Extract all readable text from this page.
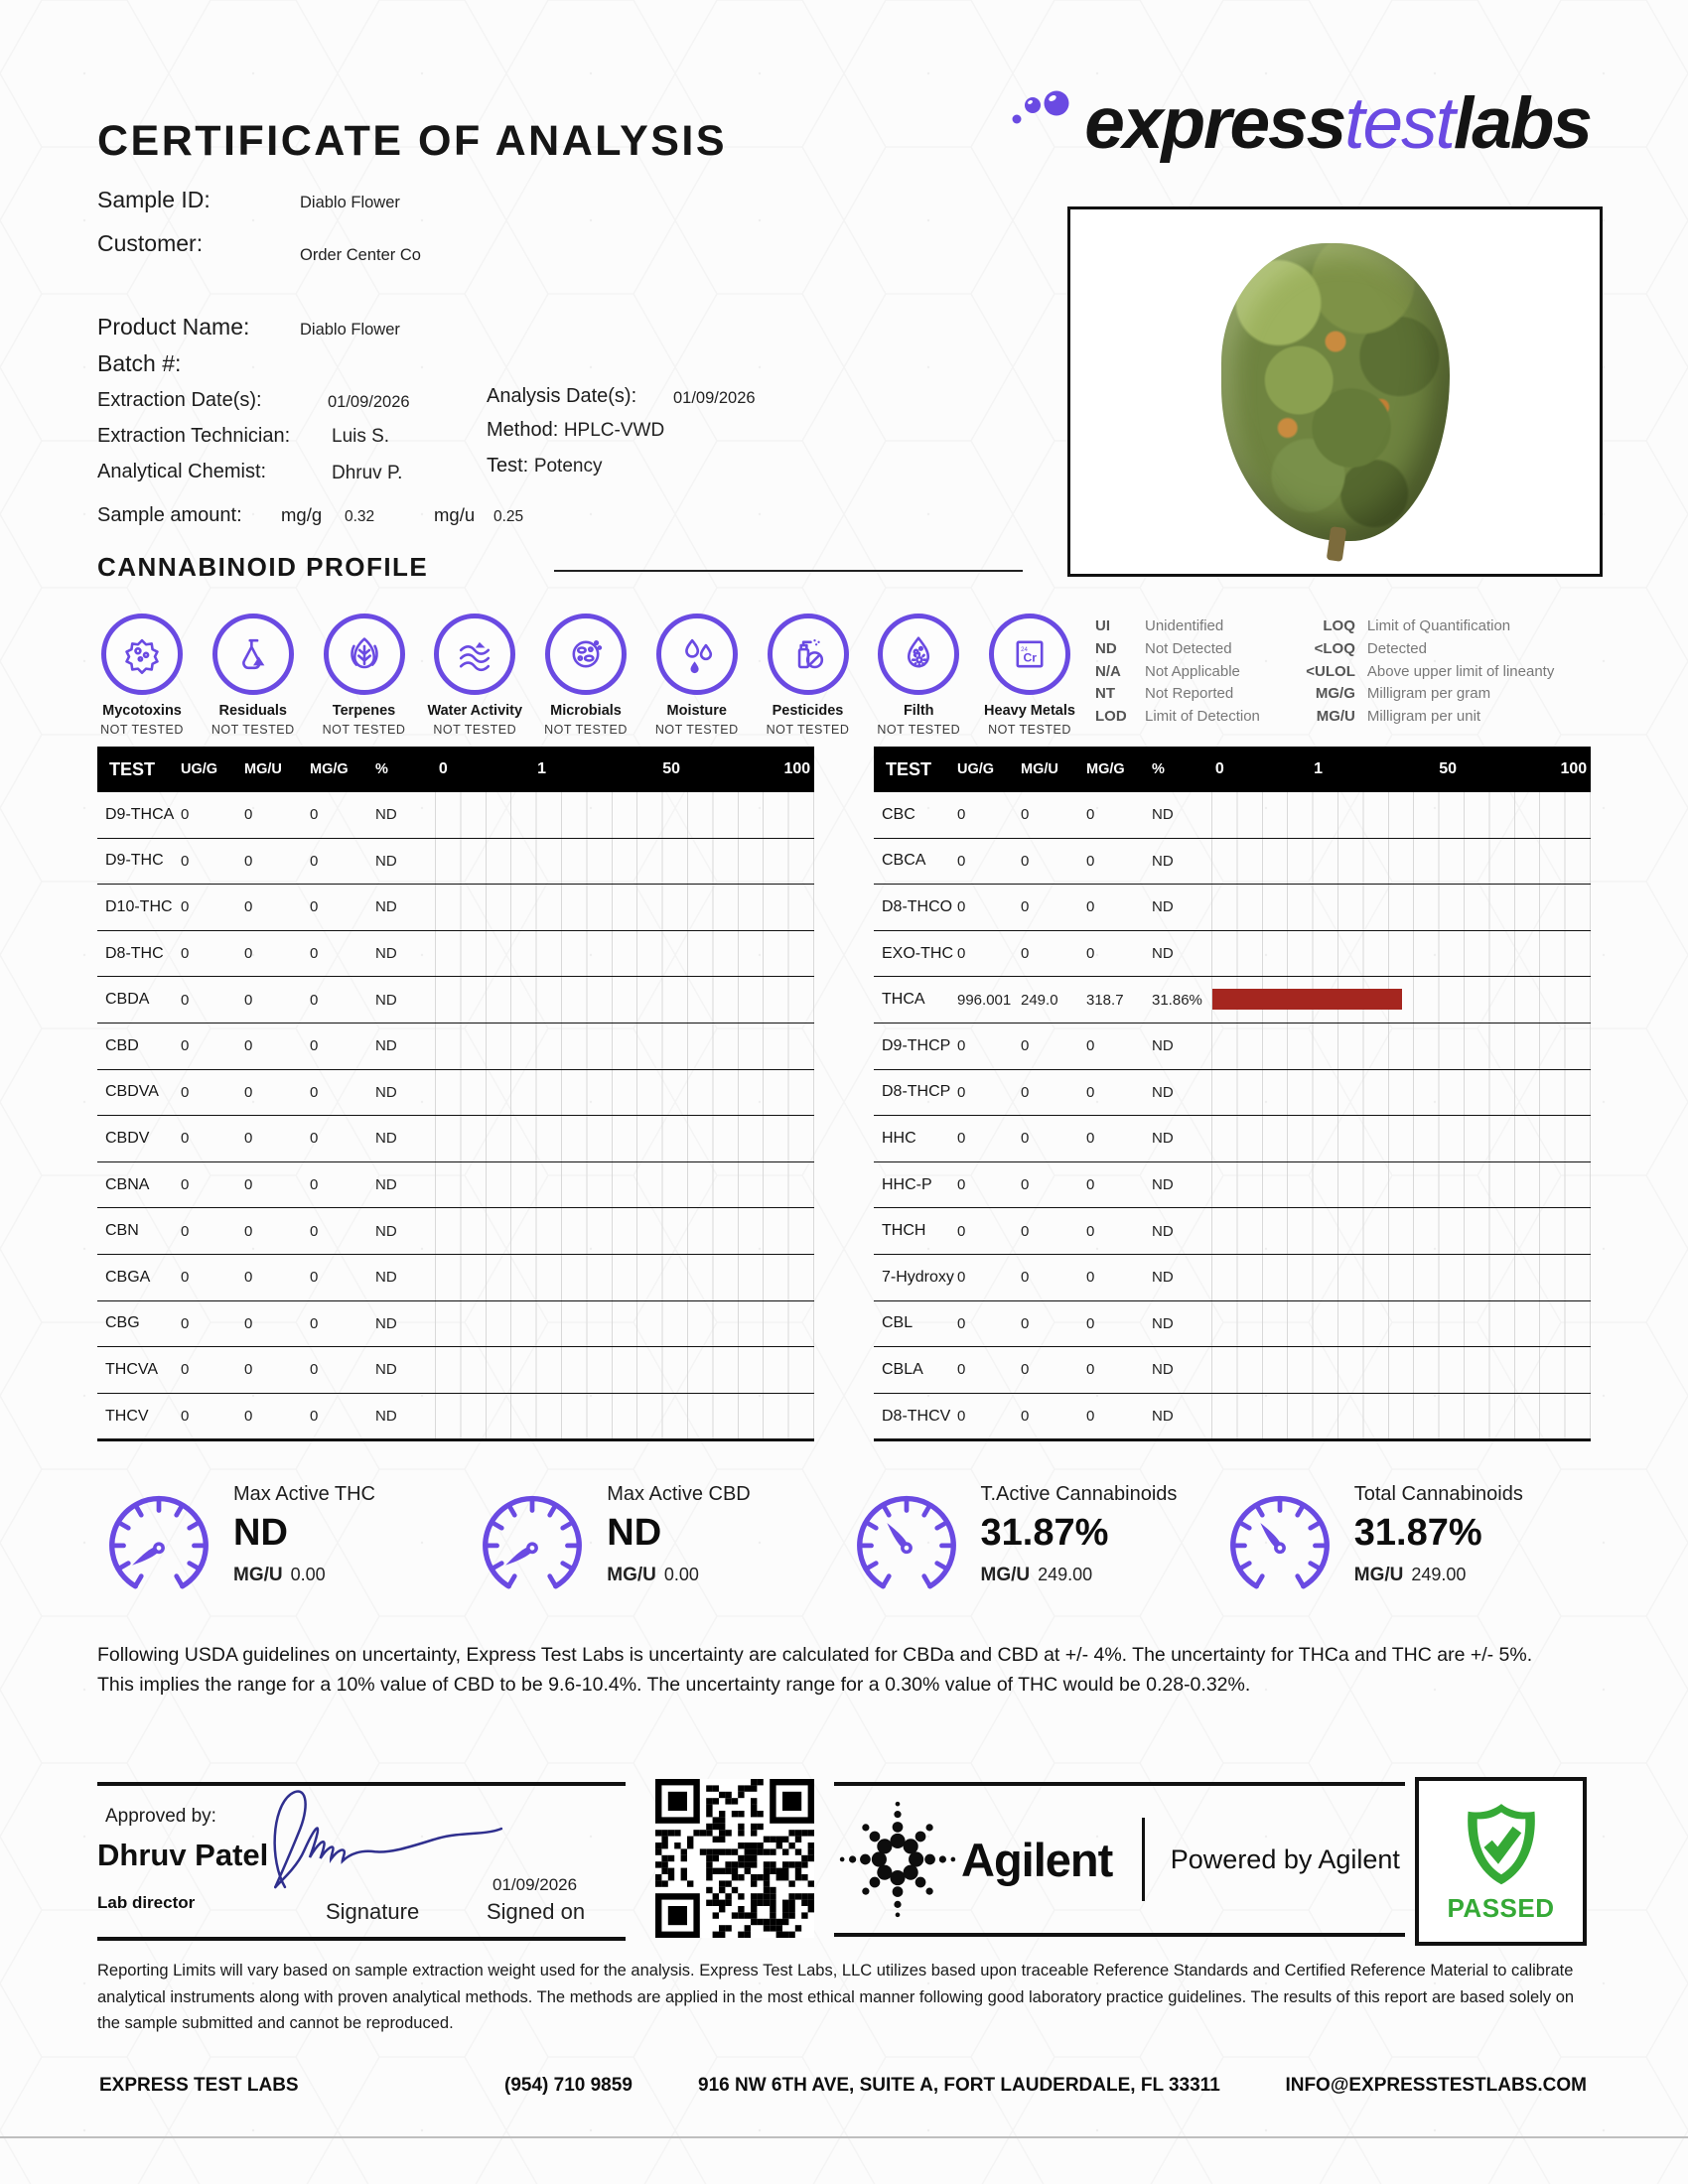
CERTIFICATE OF ANALYSIS	expresstestlabs
Sample ID:	Diablo Flower
Customer:	Order Center Co
Product Name:	Diablo Flower
Batch #:
Extraction Date(s):	01/09/2026	Analysis Date(s): 01/09/2026
Extraction Technician: Luis S.	Method: HPLC-VWD
Analytical Chemist:	Dhruv P.	Test: Potency
Sample amount: mg/g 0.32	mg/u 0.25
CANNABINOID PROFILE
Mycotoxins
NOT TESTED
Residuals
NOT TESTED
Terpenes
NOT TESTED
Water Activity
NOT TESTED
Microbials
NOT TESTED
Moisture
NOT TESTED
Pesticides
NOT TESTED
Filth
NOT TESTED
Cr
24
Heavy Metals
NOT TESTED
UI	Unidentified
ND	Not Detected
N/A	Not Applicable
NT	Not Reported
LOD	Limit of Detection
LOQ Limit of Quantification
<LOQ Detected
<ULOL Above upper limit of lineanty
MG/G Milligram per gram
MG/U Milligram per unit
TEST	UG/G	MG/U	MG/G	%	0	1	50	100
D9-THCA 0	0	0	ND
D9-THC	0	0	0	ND
D10-THC 0	0	0	ND
D8-THC	0	0	0	ND
CBDA	0	0	0	ND
CBD	0	0	0	ND
CBDVA	0	0	0	ND
CBDV	0	0	0	ND
CBNA	0	0	0	ND
CBN	0	0	0	ND
CBGA	0	0	0	ND
CBG	0	0	0	ND
THCVA	0	0	0	ND
THCV	0	0	0	ND
TEST	UG/G	MG/U	MG/G	%	0	1	50	100
CBC	0	0	0	ND
CBCA	0	0	0	ND
D8-THCO 0	0	0	ND
EXO-THC 0	0	0	ND
THCA	996.001 249.0	318.7	31.86%
D9-THCP 0	0	0	ND
D8-THCP 0	0	0	ND
HHC	0	0	0	ND
HHC-P	0	0	0	ND
THCH	0	0	0	ND
7-Hydroxy 0	0	0	ND
CBL	0	0	0	ND
CBLA	0	0	0	ND
D8-THCV 0	0	0	ND
Max Active THC
ND
MG/U 0.00
Max Active CBD
ND
MG/U 0.00
T.Active Cannabinoids
31.87%
MG/U 249.00
Total Cannabinoids
31.87%
MG/U 249.00
Following USDA guidelines on uncertainty, Express Test Labs is uncertainty are calculated for CBDa and CBD at +/- 4%. The uncertainty for THCa and THC are +/- 5%. This implies the range for a 10% value of CBD to be 9.6-10.4%. The uncertainty range for a 0.30% value of THC would be 0.28-0.32%.
Approved by:
Dhruv Patel
Lab director	Signature
01/09/2026
Signed on
Agilent Powered by Agilent
PASSED
Reporting Limits will vary based on sample extraction weight used for the analysis. Express Test Labs, LLC utilizes based upon traceable Reference Standards and Certified Reference Material to calibrate analytical instruments along with proven analytical methods. The methods are applied in the most ethical manner following good laboratory practice guidelines. The results of this report are based solely on the sample submitted and cannot be reproduced.
EXPRESS TEST LABS	(954) 710 9859	916 NW 6TH AVE, SUITE A, FORT LAUDERDALE, FL 33311	INFO@EXPRESSTESTLABS.COM
